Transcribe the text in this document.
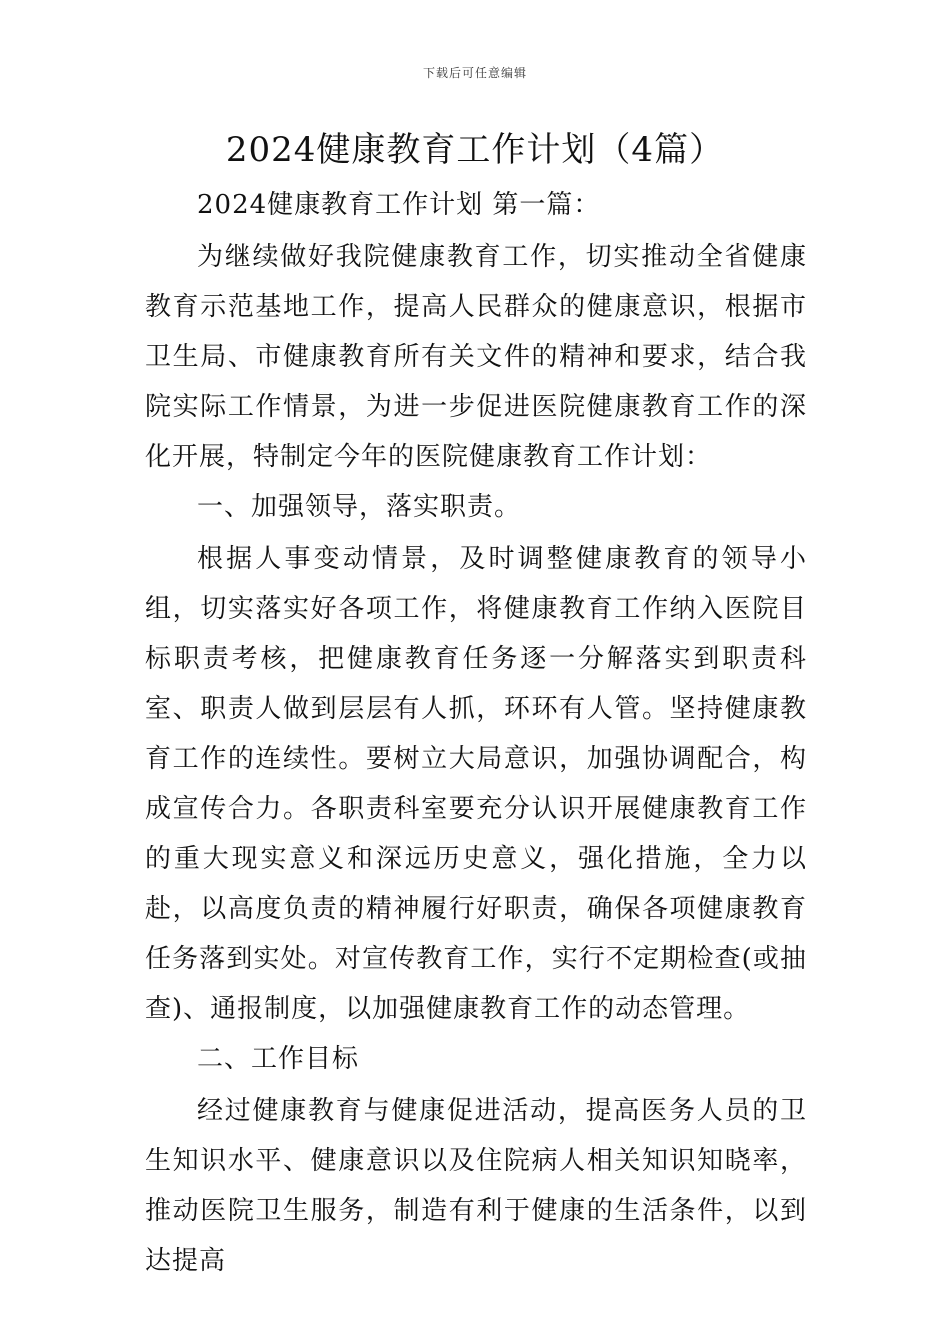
下载后可任意编辑
2024健康教育工作计划（4篇）

2024健康教育工作计划 第一篇：

为继续做好我院健康教育工作，切实推动全省健康教育示范基地工作，提高人民群众的健康意识，根据市卫生局、市健康教育所有关文件的精神和要求，结合我院实际工作情景，为进一步促进医院健康教育工作的深化开展，特制定今年的医院健康教育工作计划：

一、加强领导，落实职责。

根据人事变动情景，及时调整健康教育的领导小组，切实落实好各项工作，将健康教育工作纳入医院目标职责考核，把健康教育任务逐一分解落实到职责科室、职责人做到层层有人抓，环环有人管。坚持健康教育工作的连续性。要树立大局意识，加强协调配合，构成宣传合力。各职责科室要充分认识开展健康教育工作的重大现实意义和深远历史意义，强化措施，全力以赴，以高度负责的精神履行好职责，确保各项健康教育任务落到实处。对宣传教育工作，实行不定期检查(或抽查)、通报制度，以加强健康教育工作的动态管理。

二、工作目标

经过健康教育与健康促进活动，提高医务人员的卫生知识水平、健康意识以及住院病人相关知识知晓率，推动医院卫生服务，制造有利于健康的生活条件，以到达提高
